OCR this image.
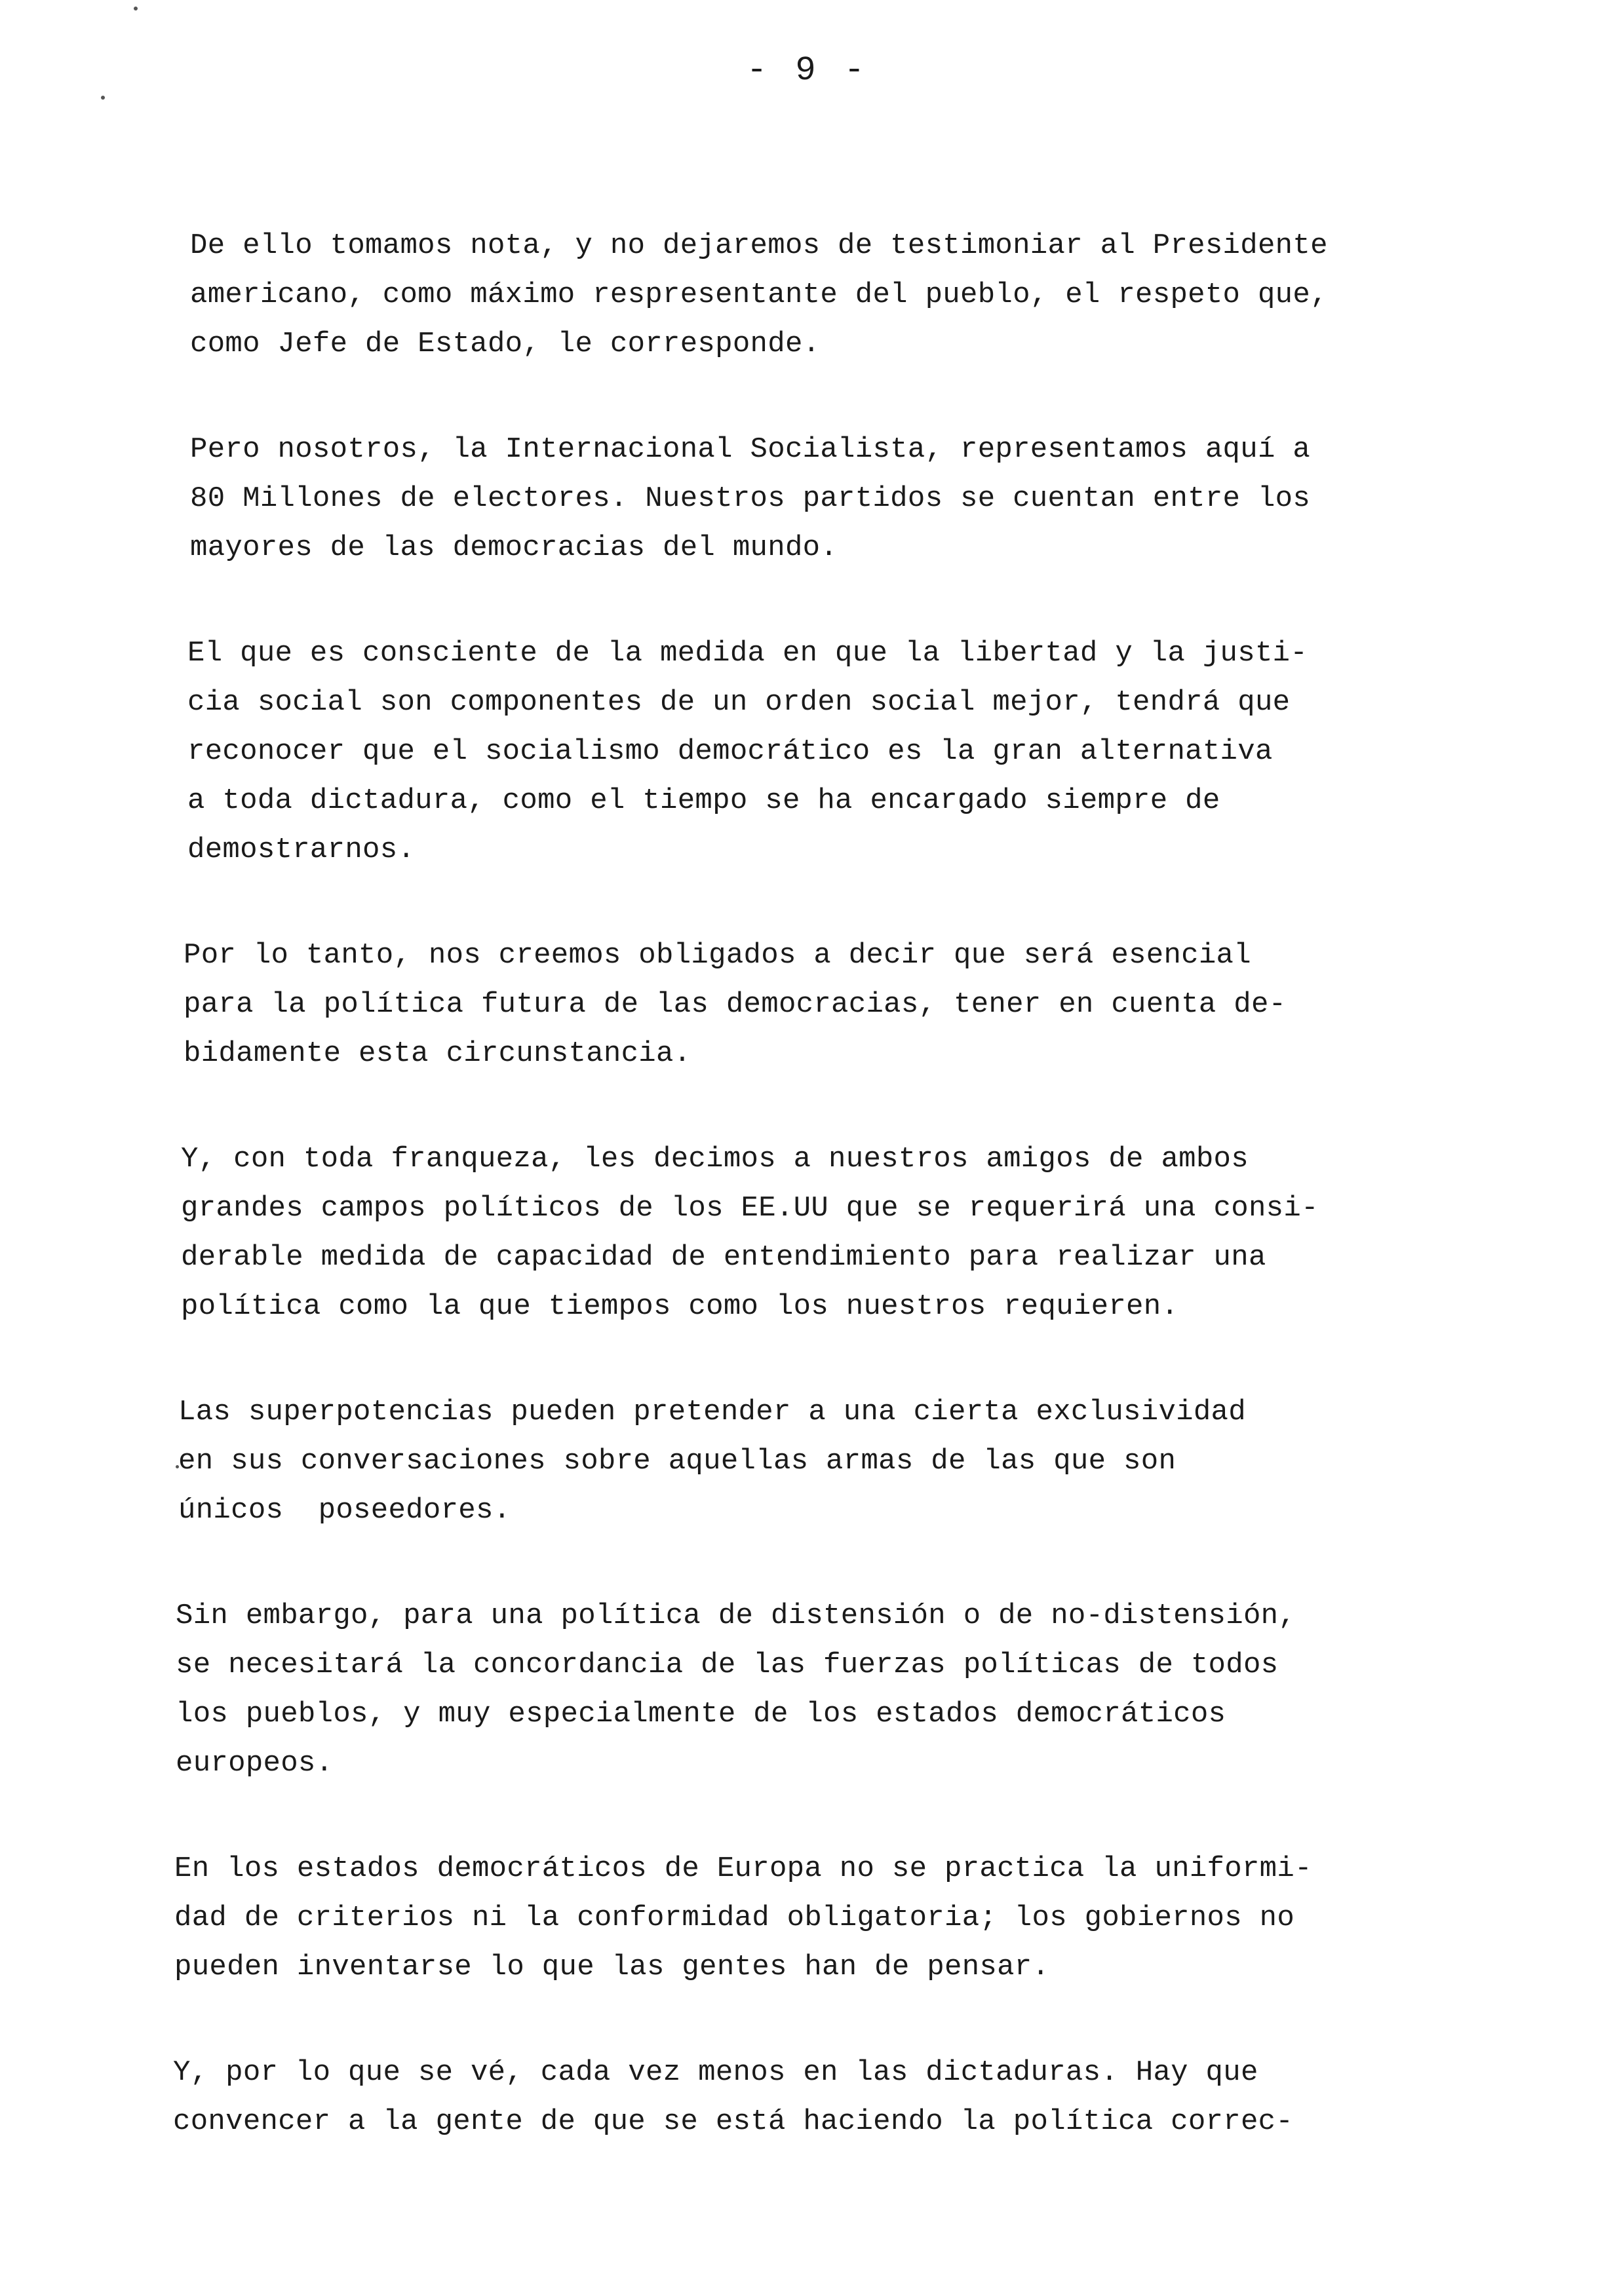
- 9 -

De ello tomamos nota, y no dejaremos de testimoniar al Presidente
americano, como máximo respresentante del pueblo, el respeto que,
como Jefe de Estado, le corresponde.

Pero nosotros, la Internacional Socialista, representamos aquí a
80 Millones de electores. Nuestros partidos se cuentan entre los
mayores de las democracias del mundo.

El que es consciente de la medida en que la libertad y la justi-
cia social son componentes de un orden social mejor, tendrá que
reconocer que el socialismo democrático es la gran alternativa
a toda dictadura, como el tiempo se ha encargado siempre de
demostrarnos.

Por lo tanto, nos creemos obligados a decir que será esencial
para la política futura de las democracias, tener en cuenta de-
bidamente esta circunstancia.

Y, con toda franqueza, les decimos a nuestros amigos de ambos
grandes campos políticos de los EE.UU que se requerirá una consi-
derable medida de capacidad de entendimiento para realizar una
política como la que tiempos como los nuestros requieren.

Las superpotencias pueden pretender a una cierta exclusividad
en sus conversaciones sobre aquellas armas de las que son
únicos  poseedores.

Sin embargo, para una política de distensión o de no-distensión,
se necesitará la concordancia de las fuerzas políticas de todos
los pueblos, y muy especialmente de los estados democráticos
europeos.

En los estados democráticos de Europa no se practica la uniformi-
dad de criterios ni la conformidad obligatoria; los gobiernos no
pueden inventarse lo que las gentes han de pensar.

Y, por lo que se vé, cada vez menos en las dictaduras. Hay que
convencer a la gente de que se está haciendo la política correc-
